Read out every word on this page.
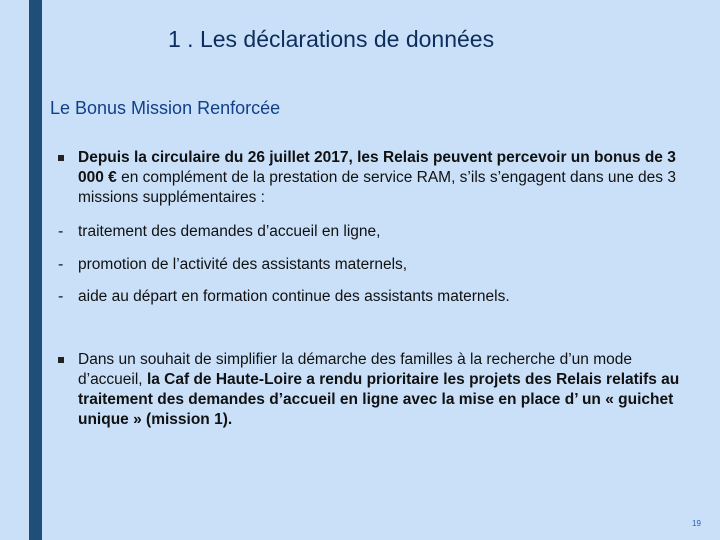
1 . Les déclarations de données
Le Bonus Mission Renforcée
Depuis la circulaire du 26 juillet 2017, les Relais peuvent percevoir un bonus de 3 000 € en complément de la prestation de service RAM, s’ils s’engagent dans une des 3 missions supplémentaires :
- traitement des demandes d’accueil en ligne,
- promotion de l’activité des assistants maternels,
- aide au départ en formation continue des assistants maternels.
Dans un souhait de simplifier la démarche des familles à la recherche d’un mode d’accueil, la Caf de Haute-Loire a rendu prioritaire les projets des Relais relatifs au traitement des demandes d’accueil en ligne avec la mise en place d’ un « guichet unique » (mission 1).
19
